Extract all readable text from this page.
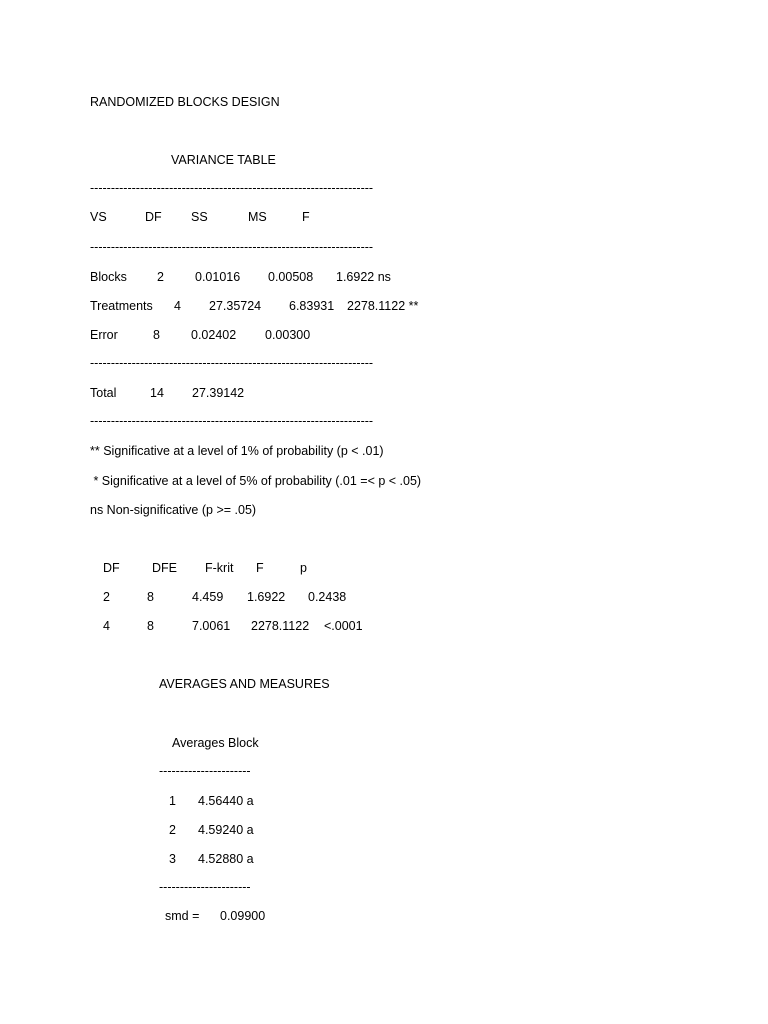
RANDOMIZED BLOCKS DESIGN
VARIANCE TABLE
--------------------------------------------------------------------
VS	DF SS	MS	F
--------------------------------------------------------------------
Blocks 2 0.01016 0.00508 1.6922 ns
Treatments 4 27.35724 6.83931 2278.1122 **
Error	8 0.02402 0.00300
--------------------------------------------------------------------
Total	14 27.39142
--------------------------------------------------------------------
** Significative at a level of 1% of probability (p < .01)
* Significative at a level of 5% of probability (.01 =< p < .05)
ns Non-significative (p >= .05)
DF	DFE F-krit F	p
2	8	4.459 1.6922 0.2438
4	8	7.0061 2278.1122 <.0001
AVERAGES AND MEASURES
Averages Block
----------------------
1 4.56440 a
2 4.59240 a
3 4.52880 a
----------------------
smd = 0.09900
